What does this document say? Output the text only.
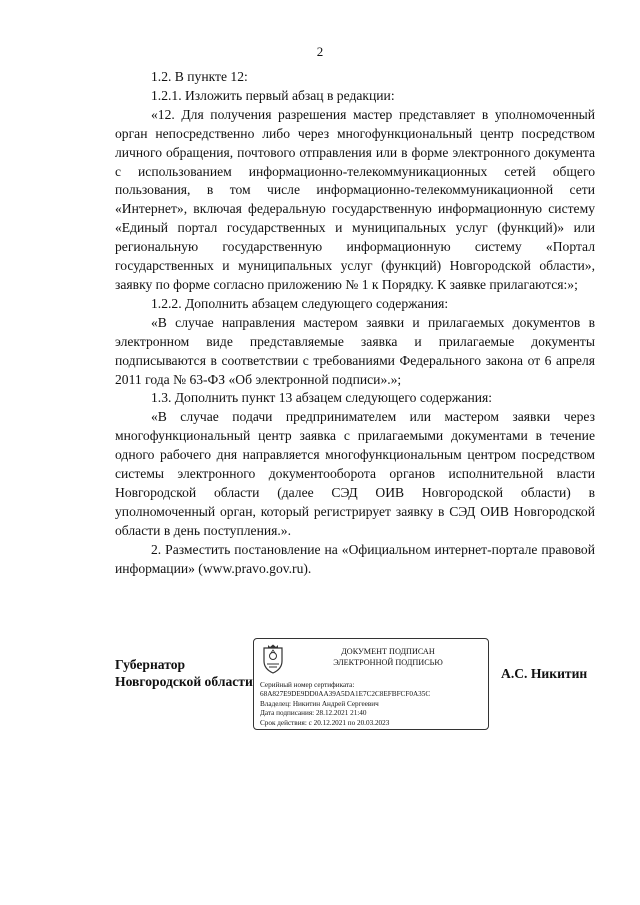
2

1.2. В пункте 12:

1.2.1. Изложить первый абзац в редакции:

«12. Для получения разрешения мастер представляет в уполномоченный орган непосредственно либо через многофункциональный центр посредством личного обращения, почтового отправления или в форме электронного документа с использованием информационно-телекоммуникационных сетей общего пользования, в том числе информационно-телекоммуникационной сети «Интернет», включая федеральную государственную информационную систему «Единый портал государственных и муниципальных услуг (функций)» или региональную государственную информационную систему «Портал государственных и муниципальных услуг (функций) Новгородской области», заявку по форме согласно приложению № 1 к Порядку. К заявке прилагаются:»;

1.2.2. Дополнить абзацем следующего содержания:

«В случае направления мастером заявки и прилагаемых документов в электронном виде представляемые заявка и прилагаемые документы подписываются в соответствии с требованиями Федерального закона от 6 апреля 2011 года № 63-ФЗ «Об электронной подписи».»;

1.3. Дополнить пункт 13 абзацем следующего содержания:

«В случае подачи предпринимателем или мастером заявки через многофункциональный центр заявка с прилагаемыми документами в течение одного рабочего дня направляется многофункциональным центром посредством системы электронного документооборота органов исполнительной власти Новгородской области (далее СЭД ОИВ Новгородской области) в уполномоченный орган, который регистрирует заявку в СЭД ОИВ Новгородской области в день поступления.».

2. Разместить постановление на «Официальном интернет-портале правовой информации» (www.pravo.gov.ru).

Губернатор
Новгородской области
ДОКУМЕНТ ПОДПИСАН
ЭЛЕКТРОННОЙ ПОДПИСЬЮ
Серийный номер сертификата:
68A827E9DE9DD0AA39A5DA1E7C2C8EFBFCF0A35C
Владелец: Никитин Андрей Сергеевич
Дата подписания: 28.12.2021 21:40
Срок действия: с 20.12.2021 по 20.03.2023
А.С. Никитин
